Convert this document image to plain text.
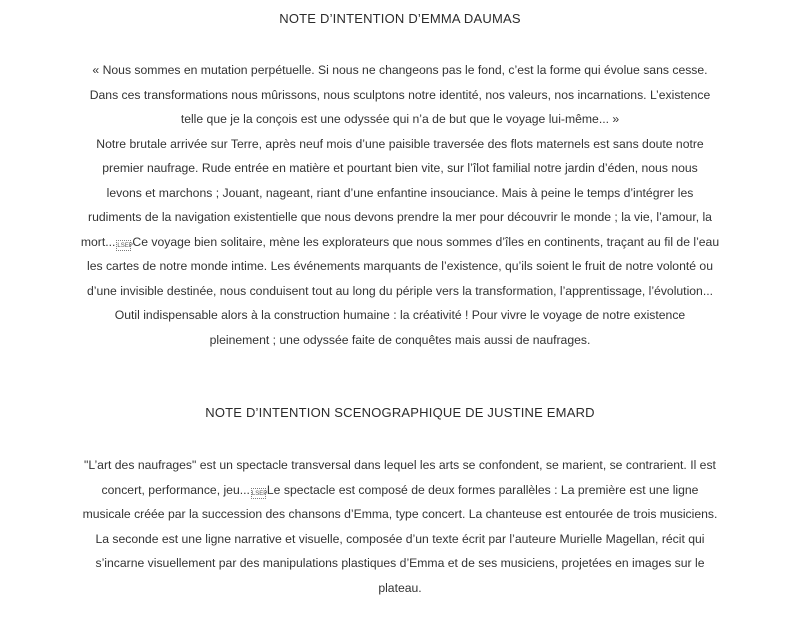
NOTE D’INTENTION D’EMMA DAUMAS
« Nous sommes en mutation perpétuelle. Si nous ne changeons pas le fond, c’est la forme qui évolue sans cesse.
Dans ces transformations nous mûrissons, nous sculptons notre identité, nos valeurs, nos incarnations. L’existence
telle que je la conçois est une odyssée qui n’a de but que le voyage lui-même... »
Notre brutale arrivée sur Terre, après neuf mois d’une paisible traversée des flots maternels est sans doute notre
premier naufrage. Rude entrée en matière et pourtant bien vite, sur l’îlot familial notre jardin d’éden, nous nous
levons et marchons ; Jouant, nageant, riant d’une enfantine insouciance. Mais à peine le temps d’intégrer les
rudiments de la navigation existentielle que nous devons prendre la mer pour découvrir le monde ; la vie, l’amour, la
mort... LSEPCe voyage bien solitaire, mène les explorateurs que nous sommes d’îles en continents, traçant au fil de l’eau
les cartes de notre monde intime. Les événements marquants de l’existence, qu’ils soient le fruit de notre volonté ou
d’une invisible destinée, nous conduisent tout au long du périple vers la transformation, l’apprentissage, l’évolution...
Outil indispensable alors à la construction humaine : la créativité ! Pour vivre le voyage de notre existence
pleinement ; une odyssée faite de conquêtes mais aussi de naufrages.
NOTE D’INTENTION SCENOGRAPHIQUE DE JUSTINE EMARD
"L’art des naufrages" est un spectacle transversal dans lequel les arts se confondent, se marient, se contrarient. Il est
concert, performance, jeu... LSEPLe spectacle est composé de deux formes parallèles : La première est une ligne
musicale créée par la succession des chansons d’Emma, type concert. La chanteuse est entourée de trois musiciens.
La seconde est une ligne narrative et visuelle, composée d’un texte écrit par l’auteure Murielle Magellan, récit qui
s’incarne visuellement par des manipulations plastiques d’Emma et de ses musiciens, projetées en images sur le
plateau.
